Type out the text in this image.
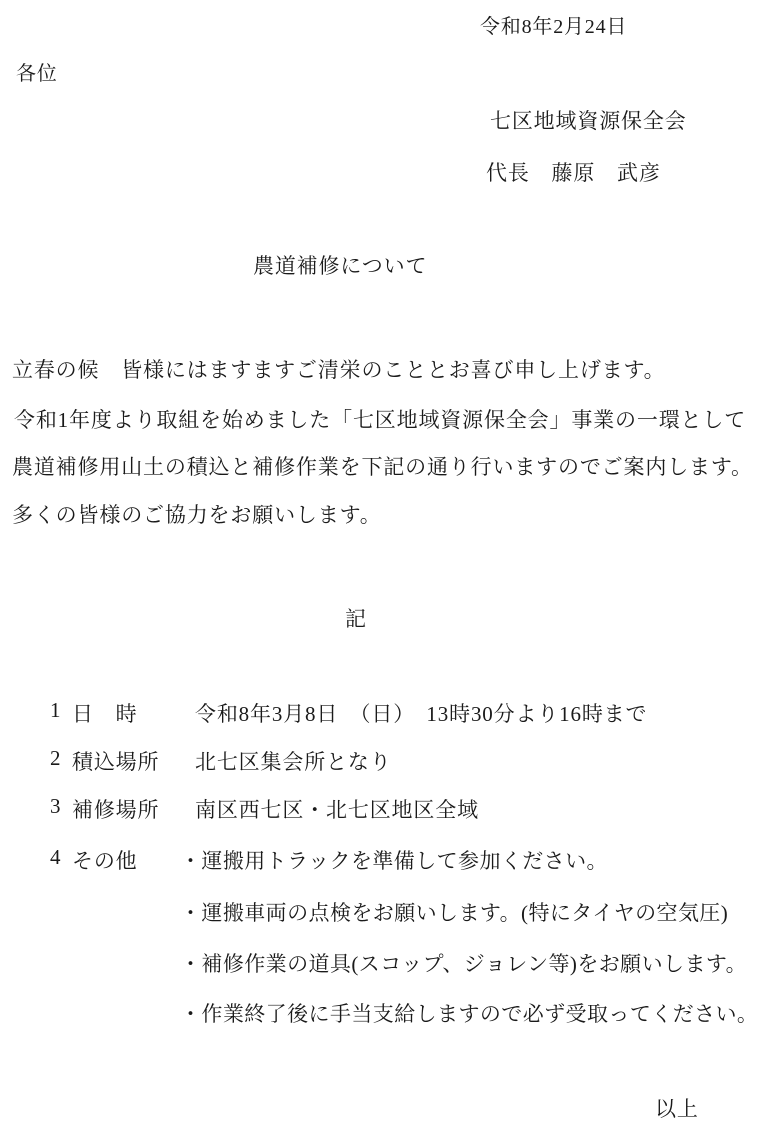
令和8年2月24日
各位
七区地域資源保全会
代長　藤原　武彦
農道補修について
立春の候　皆様にはますますご清栄のこととお喜び申し上げます。
令和1年度より取組を始めました「七区地域資源保全会」事業の一環として
農道補修用山土の積込と補修作業を下記の通り行いますのでご案内します。
多くの皆様のご協力をお願いします。
記
1 日　時	令和8年3月8日　（日）　13時30分より16時まで
2 積込場所 北七区集会所となり
3 補修場所 南区西七区・北七区地区全域
4 その他 ・運搬用トラックを準備して参加ください。
・運搬車両の点検をお願いします。(特にタイヤの空気圧)
・補修作業の道具(スコップ、ジョレン等)をお願いします。
・作業終了後に手当支給しますので必ず受取ってください。
以上
